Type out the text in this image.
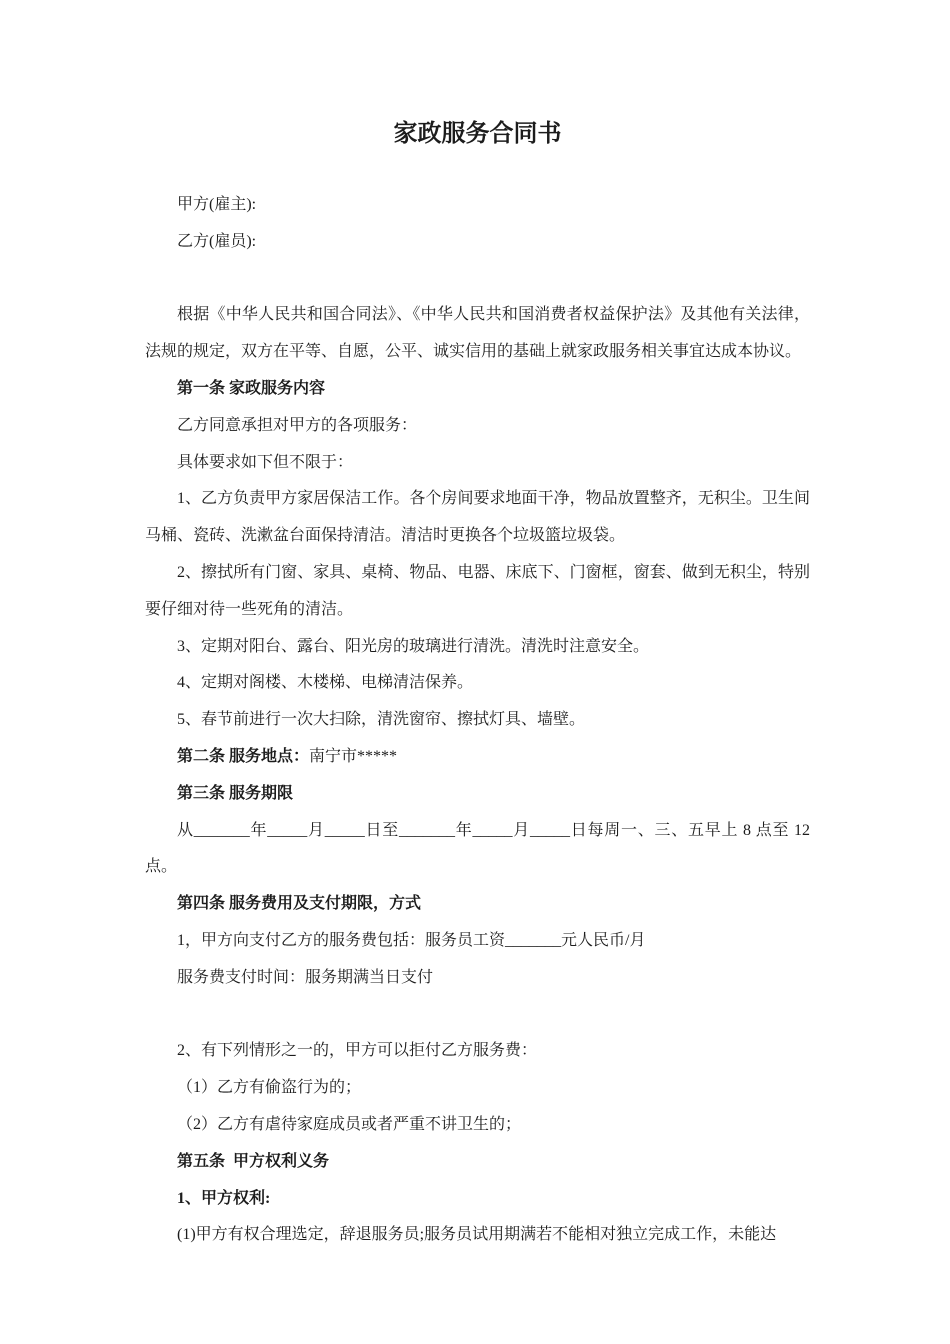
家政服务合同书

甲方(雇主):

乙方(雇员):

根据《中华人民共和国合同法》、《中华人民共和国消费者权益保护法》及其他有关法律，法规的规定，双方在平等、自愿，公平、诚实信用的基础上就家政服务相关事宜达成本协议。

第一条 家政服务内容

乙方同意承担对甲方的各项服务：

具体要求如下但不限于：

1、乙方负责甲方家居保洁工作。各个房间要求地面干净，物品放置整齐，无积尘。卫生间马桶、瓷砖、洗漱盆台面保持清洁。清洁时更换各个垃圾篮垃圾袋。

2、擦拭所有门窗、家具、桌椅、物品、电器、床底下、门窗框，窗套、做到无积尘，特别要仔细对待一些死角的清洁。

3、定期对阳台、露台、阳光房的玻璃进行清洗。清洗时注意安全。

4、定期对阁楼、木楼梯、电梯清洁保养。

5、春节前进行一次大扫除，清洗窗帘、擦拭灯具、墙壁。

第二条 服务地点：南宁市*****

第三条 服务期限

从_______年_____月_____日至_______年_____月_____日每周一、三、五早上 8 点至 12 点。

第四条 服务费用及支付期限，方式

1，甲方向支付乙方的服务费包括：服务员工资_______元人民币/月

服务费支付时间：服务期满当日支付

2、有下列情形之一的，甲方可以拒付乙方服务费：

（1）乙方有偷盗行为的；

（2）乙方有虐待家庭成员或者严重不讲卫生的；

第五条  甲方权利义务

1、甲方权利:

(1)甲方有权合理选定，辞退服务员;服务员试用期满若不能相对独立完成工作，未能达
